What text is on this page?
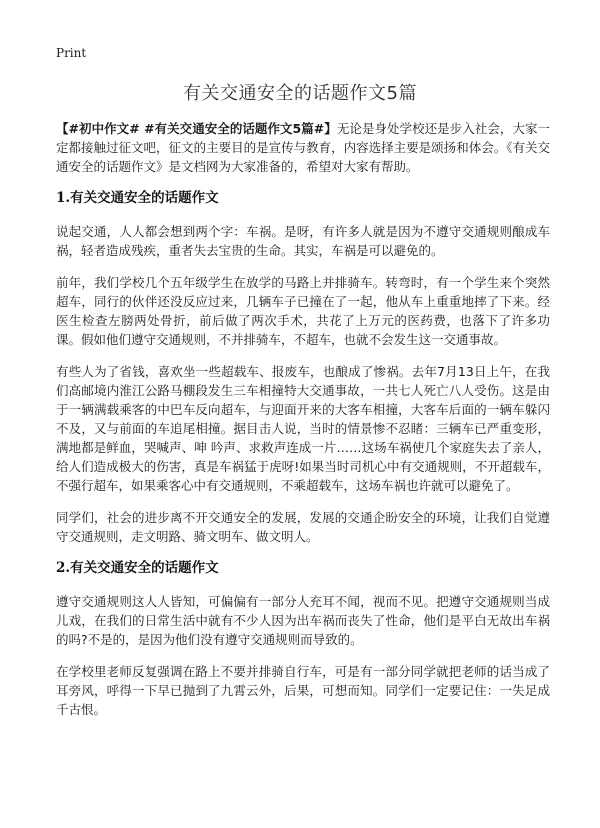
Print
有关交通安全的话题作文5篇

【#初中作文# #有关交通安全的话题作文5篇#】无论是身处学校还是步入社会，大家一定都接触过征文吧，征文的主要目的是宣传与教育，内容选择主要是颂扬和体会。《有关交通安全的话题作文》是文档网为大家准备的，希望对大家有帮助。

1.有关交通安全的话题作文

说起交通，人人都会想到两个字：车祸。是呀，有许多人就是因为不遵守交通规则酿成车祸，轻者造成残疾，重者失去宝贵的生命。其实，车祸是可以避免的。

前年，我们学校几个五年级学生在放学的马路上并排骑车。转弯时，有一个学生来个突然超车，同行的伙伴还没反应过来，几辆车子已撞在了一起，他从车上重重地摔了下来。经医生检查左膀两处骨折，前后做了两次手术，共花了上万元的医药费，也落下了许多功课。假如他们遵守交通规则，不并排骑车，不超车，也就不会发生这一交通事故。

有些人为了省钱，喜欢坐一些超载车、报废车，也酿成了惨祸。去年7月13日上午，在我们高邮境内淮江公路马棚段发生三车相撞特大交通事故，一共七人死亡八人受伤。这是由于一辆满载乘客的中巴车反向超车，与迎面开来的大客车相撞，大客车后面的一辆车躲闪不及，又与前面的车追尾相撞。据目击人说，当时的情景惨不忍睹：三辆车已严重变形，满地都是鲜血，哭喊声、呻 吟声、求救声连成一片……这场车祸使几个家庭失去了亲人，给人们造成极大的伤害，真是车祸猛于虎呀!如果当时司机心中有交通规则，不开超载车，不强行超车，如果乘客心中有交通规则，不乘超载车，这场车祸也许就可以避免了。

同学们，社会的进步离不开交通安全的发展，发展的交通企盼安全的环境，让我们自觉遵守交通规则，走文明路、骑文明车、做文明人。

2.有关交通安全的话题作文

遵守交通规则这人人皆知，可偏偏有一部分人充耳不闻，视而不见。把遵守交通规则当成儿戏，在我们的日常生活中就有不少人因为出车祸而丧失了性命，他们是平白无故出车祸的吗?不是的，是因为他们没有遵守交通规则而导致的。

在学校里老师反复强调在路上不要并排骑自行车，可是有一部分同学就把老师的话当成了耳旁风，呼得一下早已抛到了九霄云外，后果，可想而知。同学们一定要记住：一失足成千古恨。
